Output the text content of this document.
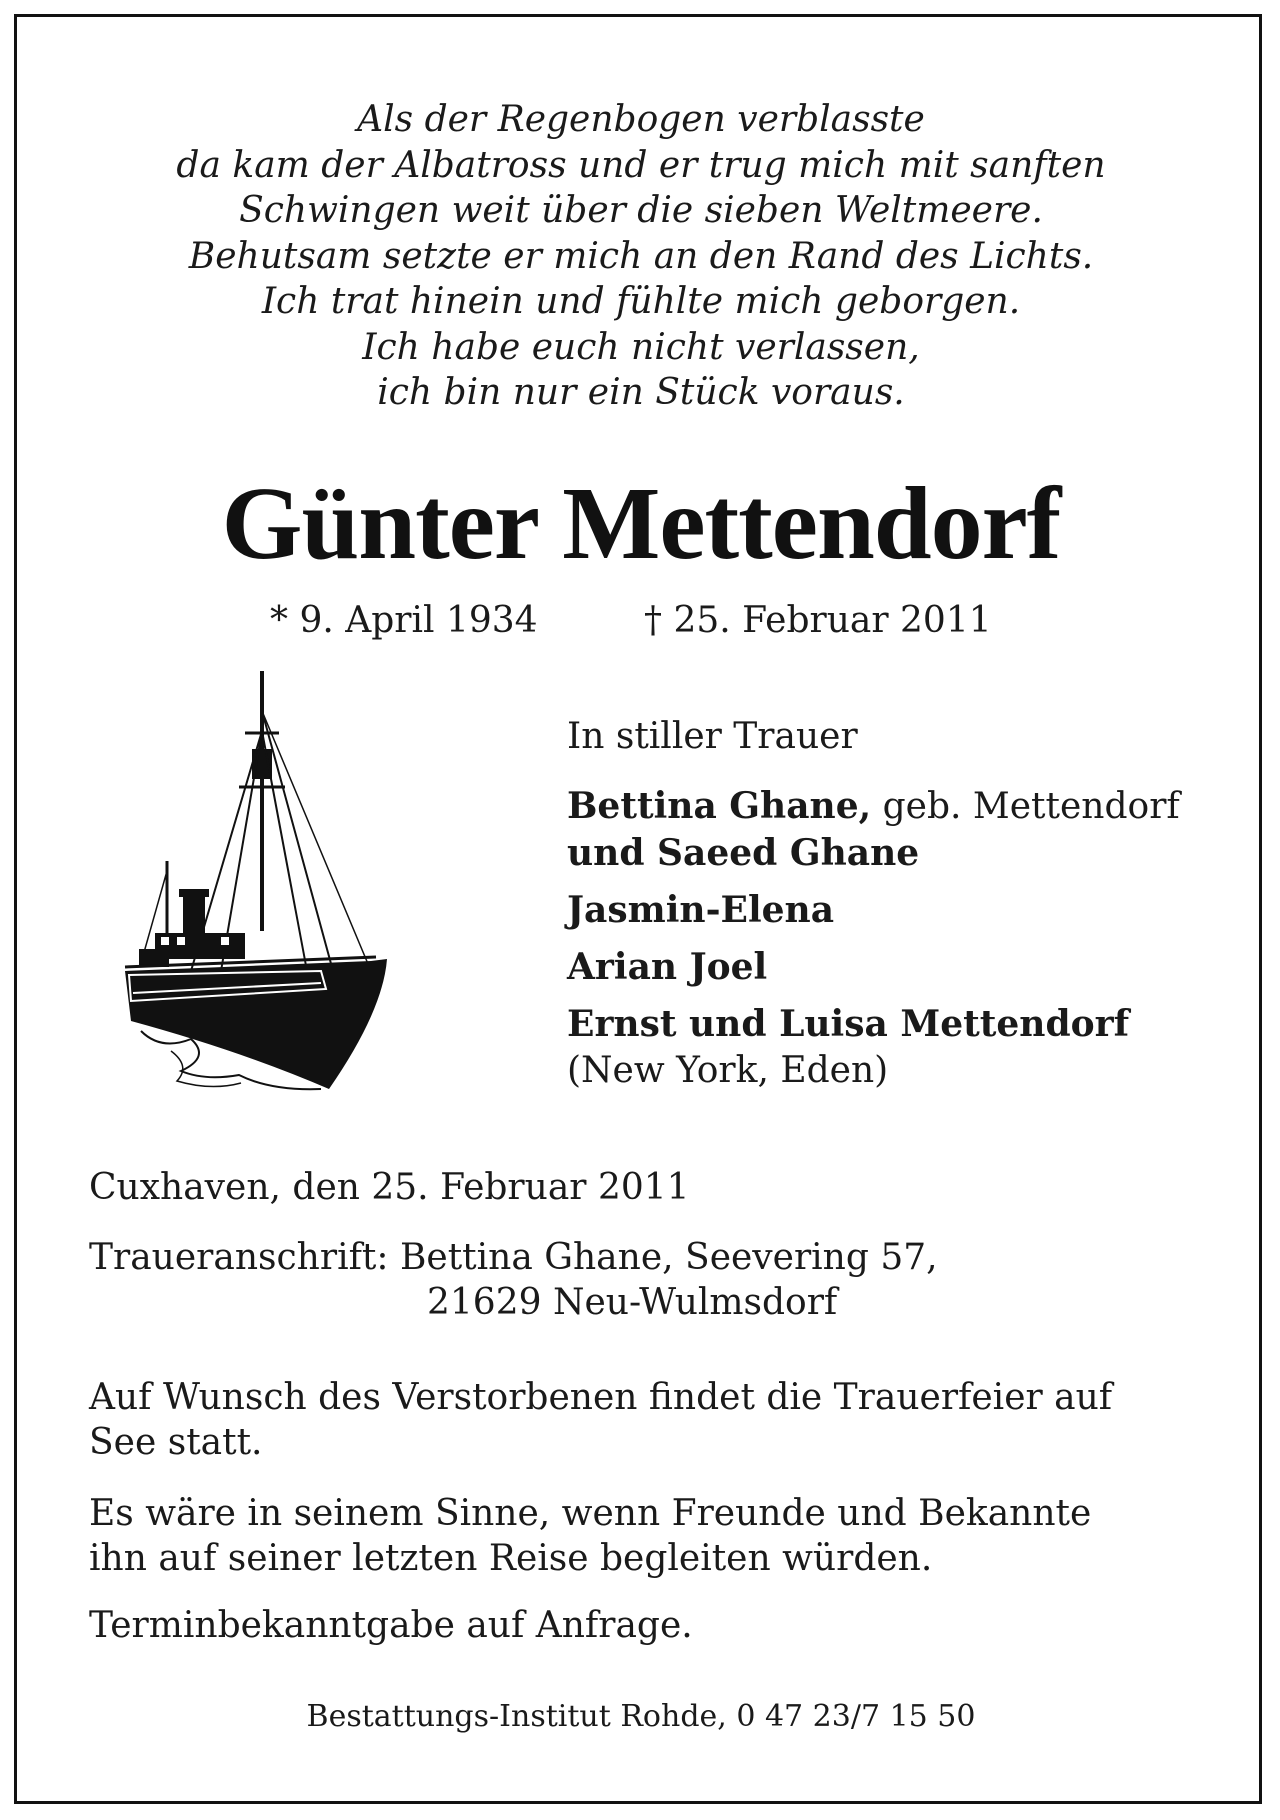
Als der Regenbogen verblasste
da kam der Albatross und er trug mich mit sanften
Schwingen weit über die sieben Weltmeere.
Behutsam setzte er mich an den Rand des Lichts.
Ich trat hinein und fühlte mich geborgen.
Ich habe euch nicht verlassen,
ich bin nur ein Stück voraus.
Günter Mettendorf
* 9. April 1934	† 25. Februar 2011
In stiller Trauer
Bettina Ghane, geb. Mettendorf
und Saeed Ghane
Jasmin-Elena
Arian Joel
Ernst und Luisa Mettendorf
(New York, Eden)
Cuxhaven, den 25. Februar 2011
Traueranschrift: Bettina Ghane, Seevering 57,
21629 Neu-Wulmsdorf
Auf Wunsch des Verstorbenen findet die Trauerfeier auf
See statt.
Es wäre in seinem Sinne, wenn Freunde und Bekannte
ihn auf seiner letzten Reise begleiten würden.
Terminbekanntgabe auf Anfrage.
Bestattungs-Institut Rohde, 0 47 23/7 15 50
